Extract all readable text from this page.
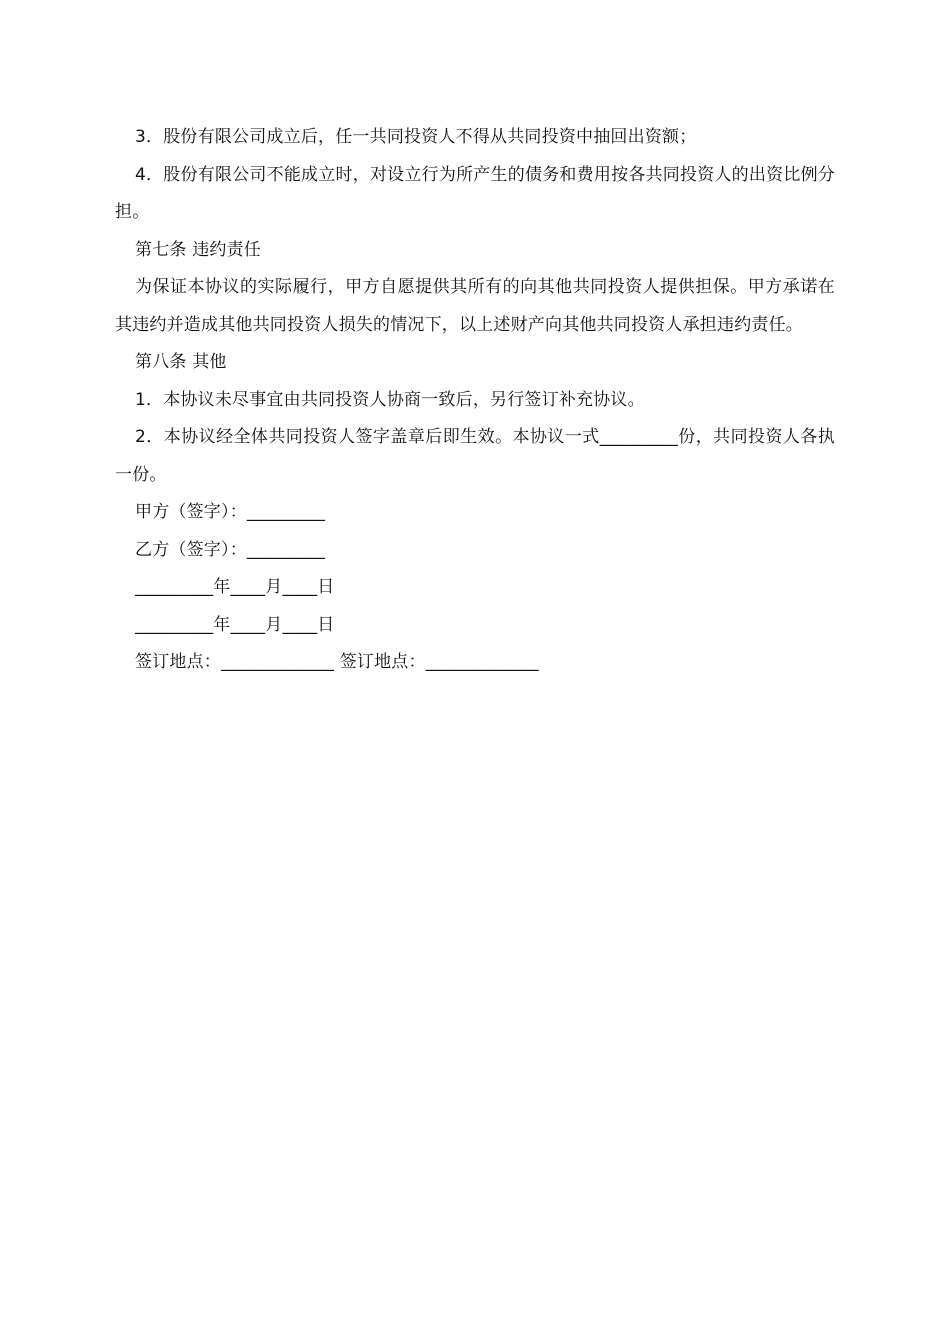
3．股份有限公司成立后，任一共同投资人不得从共同投资中抽回出资额；

4．股份有限公司不能成立时，对设立行为所产生的债务和费用按各共同投资人的出资比例分担。

第七条 违约责任

为保证本协议的实际履行，甲方自愿提供其所有的向其他共同投资人提供担保。甲方承诺在其违约并造成其他共同投资人损失的情况下，以上述财产向其他共同投资人承担违约责任。

第八条 其他

1．本协议未尽事宜由共同投资人协商一致后，另行签订补充协议。

2．本协议经全体共同投资人签字盖章后即生效。本协议一式_________份，共同投资人各执一份。

甲方（签字）：_________

乙方（签字）：_________

_________年____月____日

_________年____月____日

签订地点：_____________ 签订地点：_____________
